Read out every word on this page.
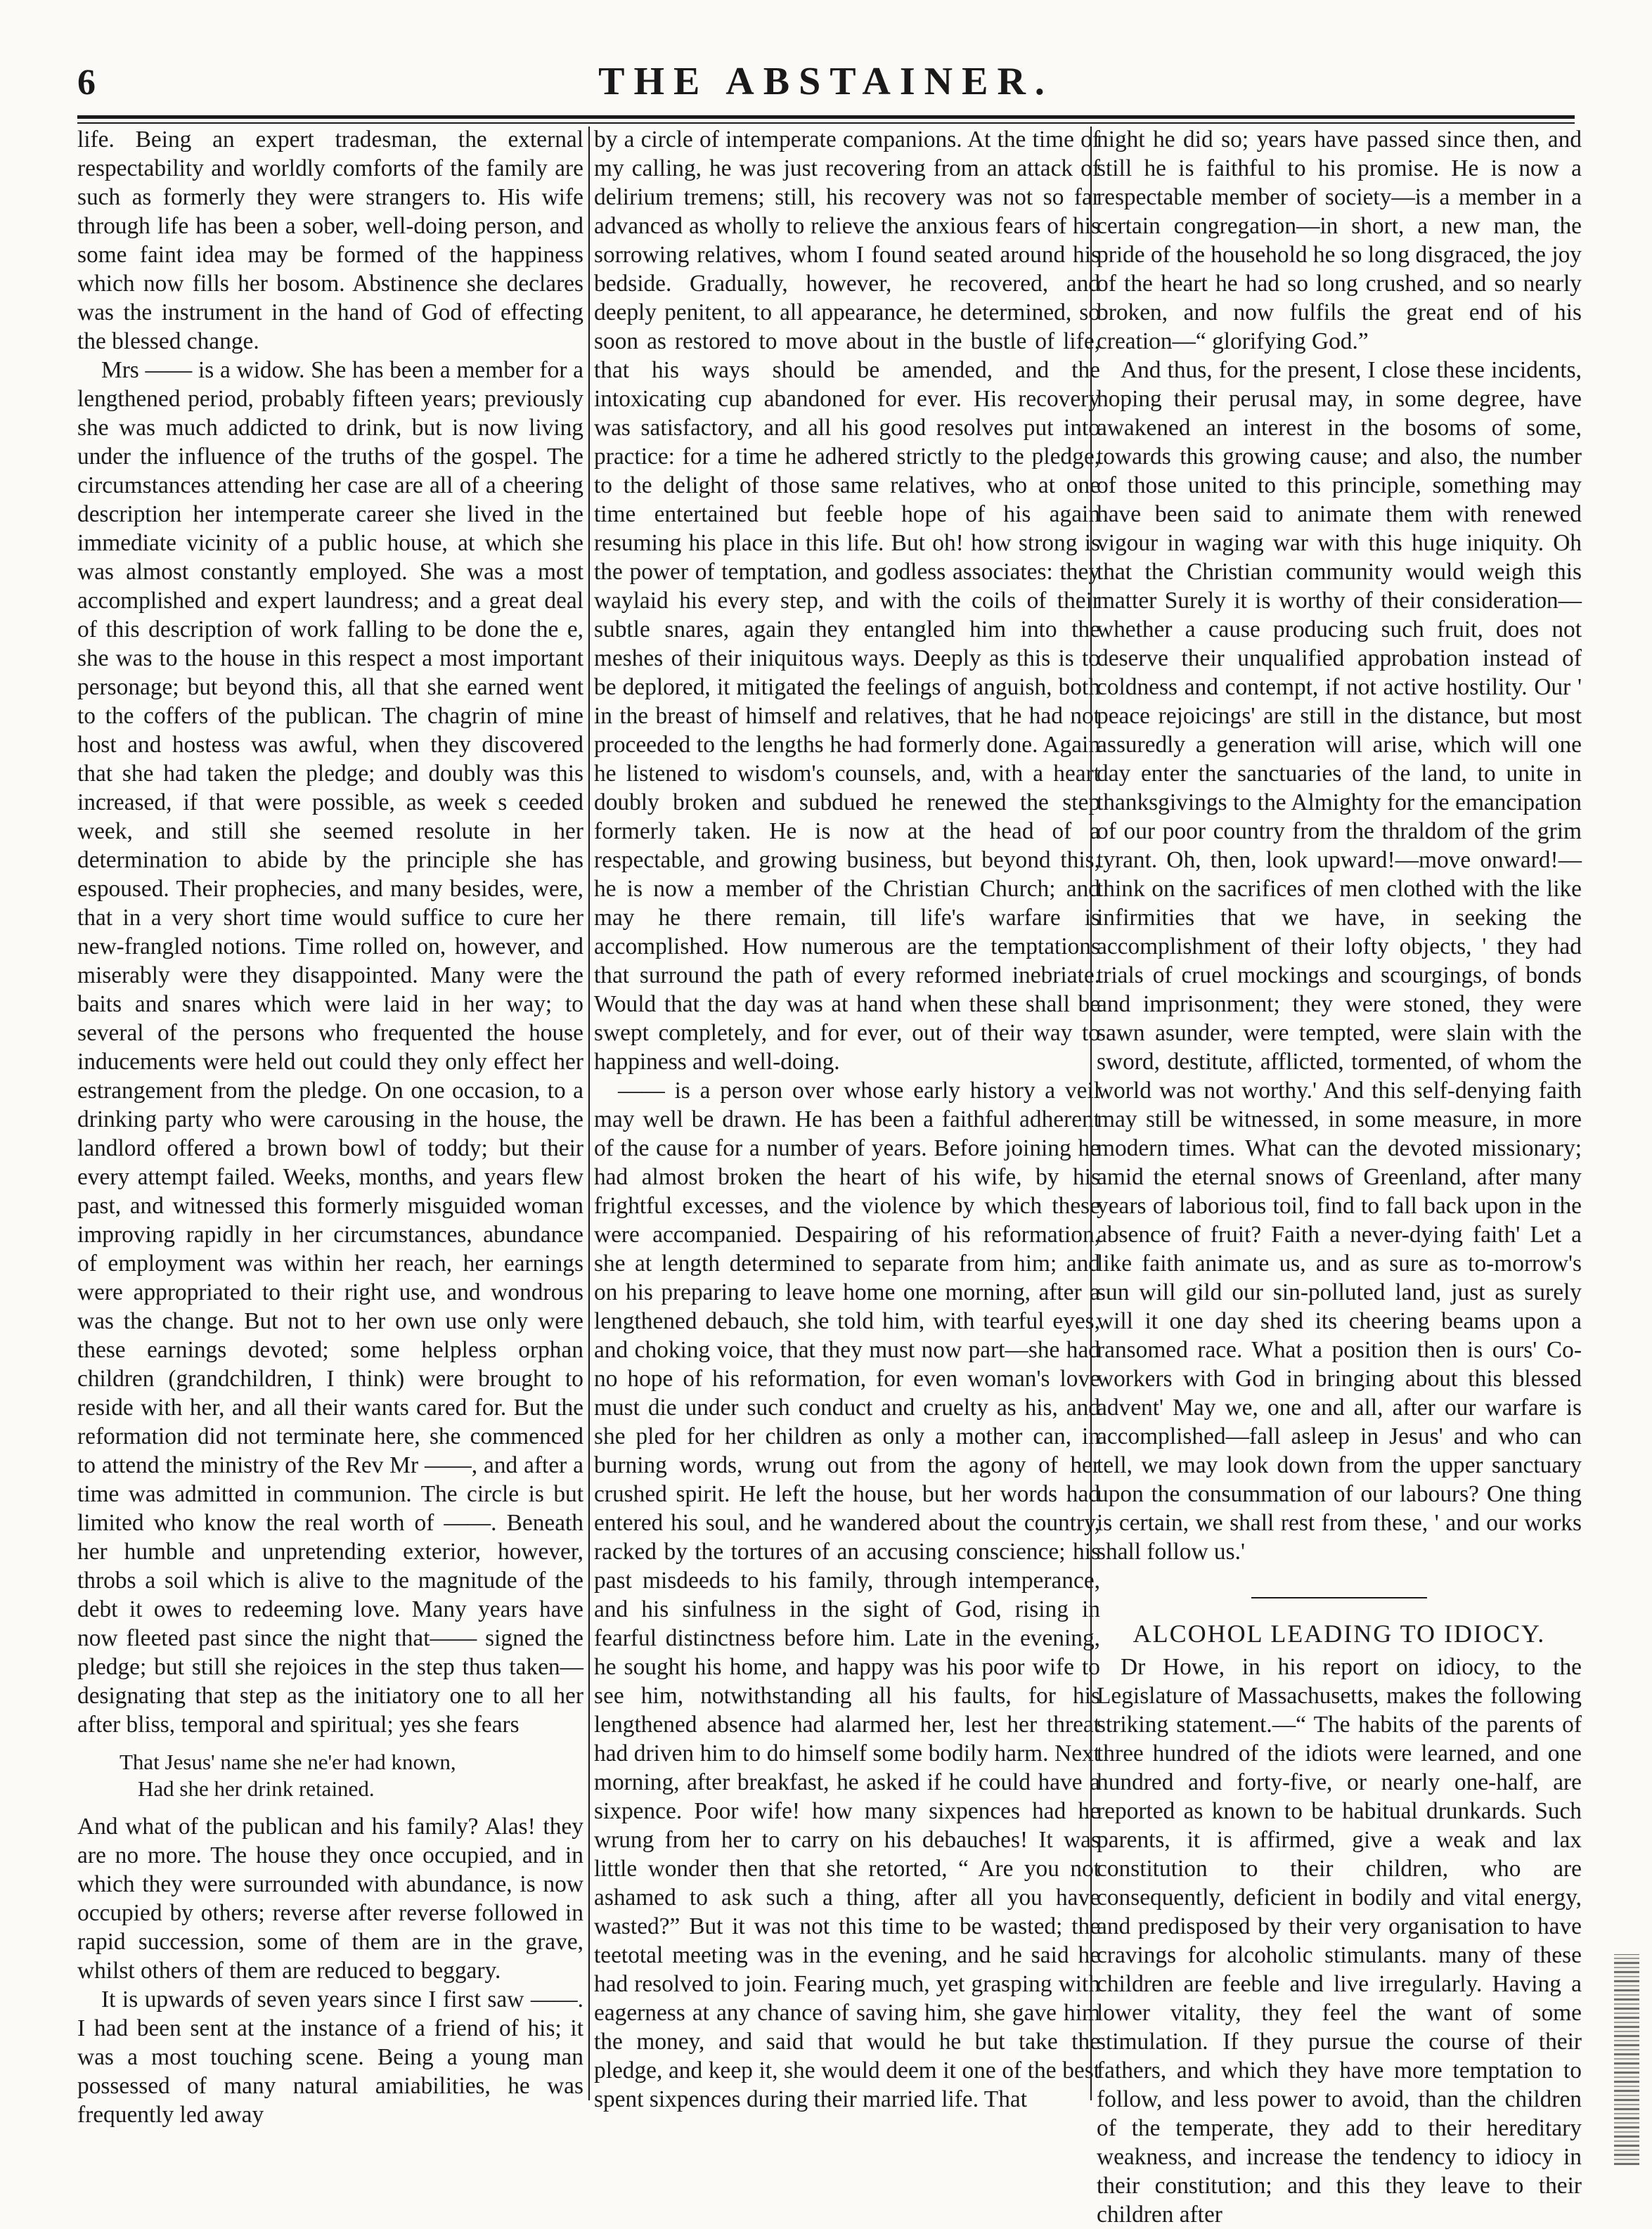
6	THE ABSTAINER.

life. Being an expert tradesman, the external respectability and worldly comforts of the family are such as formerly they were strangers to. His wife through life has been a sober, well-doing person, and some faint idea may be formed of the happiness which now fills her bosom. Abstinence she declares was the instrument in the hand of God of effecting the blessed change.

Mrs —— is a widow. She has been a member for a lengthened period, probably fifteen years; previously she was much addicted to drink, but is now living under the influence of the truths of the gospel. The circumstances attending her case are all of a cheering description her intemperate career she lived in the immediate vicinity of a public house, at which she was almost constantly employed. She was a most accomplished and expert laundress; and a great deal of this description of work falling to be done the e, she was to the house in this respect a most important personage; but beyond this, all that she earned went to the coffers of the publican. The chagrin of mine host and hostess was awful, when they discovered that she had taken the pledge; and doubly was this increased, if that were possible, as week s ceeded week, and still she seemed resolute in her determination to abide by the principle she has espoused. Their prophecies, and many besides, were, that in a very short time would suffice to cure her new-frangled notions. Time rolled on, however, and miserably were they disappointed. Many were the baits and snares which were laid in her way; to several of the persons who frequented the house inducements were held out could they only effect her estrangement from the pledge. On one occasion, to a drinking party who were carousing in the house, the landlord offered a brown bowl of toddy; but their every attempt failed. Weeks, months, and years flew past, and witnessed this formerly misguided woman improving rapidly in her circumstances, abundance of employment was within her reach, her earnings were appropriated to their right use, and wondrous was the change. But not to her own use only were these earnings devoted; some helpless orphan children (grandchildren, I think) were brought to reside with her, and all their wants cared for. But the reformation did not terminate here, she commenced to attend the ministry of the Rev Mr ——, and after a time was admitted in communion. The circle is but limited who know the real worth of ——. Beneath her humble and unpretending exterior, however, throbs a soil which is alive to the magnitude of the debt it owes to redeeming love. Many years have now fleeted past since the night that—— signed the pledge; but still she rejoices in the step thus taken—designating that step as the initiatory one to all her after bliss, temporal and spiritual; yes she fears

That Jesus' name she ne'er had known,
Had she her drink retained.

And what of the publican and his family? Alas! they are no more. The house they once occupied, and in which they were surrounded with abundance, is now occupied by others; reverse after reverse followed in rapid succession, some of them are in the grave, whilst others of them are reduced to beggary.

It is upwards of seven years since I first saw ——. I had been sent at the instance of a friend of his; it was a most touching scene. Being a young man possessed of many natural amiabilities, he was frequently led away

by a circle of intemperate companions. At the time of my calling, he was just recovering from an attack of delirium tremens; still, his recovery was not so far advanced as wholly to relieve the anxious fears of his sorrowing relatives, whom I found seated around his bedside. Gradually, however, he recovered, and deeply penitent, to all appearance, he determined, so soon as restored to move about in the bustle of life, that his ways should be amended, and the intoxicating cup abandoned for ever. His recovery was satisfactory, and all his good resolves put into practice: for a time he adhered strictly to the pledge, to the delight of those same relatives, who at one time entertained but feeble hope of his again resuming his place in this life. But oh! how strong is the power of temptation, and godless associates: they waylaid his every step, and with the coils of their subtle snares, again they entangled him into the meshes of their iniquitous ways. Deeply as this is to be deplored, it mitigated the feelings of anguish, both in the breast of himself and relatives, that he had not proceeded to the lengths he had formerly done. Again he listened to wisdom's counsels, and, with a heart doubly broken and subdued he renewed the step formerly taken. He is now at the head of a respectable, and growing business, but beyond this, he is now a member of the Christian Church; and may he there remain, till life's warfare is accomplished. How numerous are the temptations that surround the path of every reformed inebriate. Would that the day was at hand when these shall be swept completely, and for ever, out of their way to happiness and well-doing.

—— is a person over whose early history a veil may well be drawn. He has been a faithful adherent of the cause for a number of years. Before joining he had almost broken the heart of his wife, by his frightful excesses, and the violence by which these were accompanied. Despairing of his reformation, she at length determined to separate from him; and on his preparing to leave home one morning, after a lengthened debauch, she told him, with tearful eyes, and choking voice, that they must now part—she had no hope of his reformation, for even woman's love must die under such conduct and cruelty as his, and she pled for her children as only a mother can, in burning words, wrung out from the agony of her crushed spirit. He left the house, but her words had entered his soul, and he wandered about the country, racked by the tortures of an accusing conscience; his past misdeeds to his family, through intemperance, and his sinfulness in the sight of God, rising in fearful distinctness before him. Late in the evening, he sought his home, and happy was his poor wife to see him, notwithstanding all his faults, for his lengthened absence had alarmed her, lest her threat had driven him to do himself some bodily harm. Next morning, after breakfast, he asked if he could have a sixpence. Poor wife! how many sixpences had he wrung from her to carry on his debauches! It was little wonder then that she retorted, “ Are you not ashamed to ask such a thing, after all you have wasted?” But it was not this time to be wasted; the teetotal meeting was in the evening, and he said he had resolved to join. Fearing much, yet grasping with eagerness at any chance of saving him, she gave him the money, and said that would he but take the pledge, and keep it, she would deem it one of the best spent sixpences during their married life. That

night he did so; years have passed since then, and still he is faithful to his promise. He is now a respectable member of society—is a member in a certain congregation—in short, a new man, the pride of the household he so long disgraced, the joy of the heart he had so long crushed, and so nearly broken, and now fulfils the great end of his creation—“ glorifying God.”

And thus, for the present, I close these incidents, hoping their perusal may, in some degree, have awakened an interest in the bosoms of some, towards this growing cause; and also, the number of those united to this principle, something may have been said to animate them with renewed vigour in waging war with this huge iniquity. Oh that the Christian community would weigh this matter Surely it is worthy of their consideration—whether a cause producing such fruit, does not deserve their unqualified approbation instead of coldness and contempt, if not active hostility. Our ' peace rejoicings' are still in the distance, but most assuredly a generation will arise, which will one day enter the sanctuaries of the land, to unite in thanksgivings to the Almighty for the emancipation of our poor country from the thraldom of the grim tyrant. Oh, then, look upward!—move onward!—think on the sacrifices of men clothed with the like infirmities that we have, in seeking the accomplishment of their lofty objects, ' they had trials of cruel mockings and scourgings, of bonds and imprisonment; they were stoned, they were sawn asunder, were tempted, were slain with the sword, destitute, afflicted, tormented, of whom the world was not worthy.' And this self-denying faith may still be witnessed, in some measure, in more modern times. What can the devoted missionary; amid the eternal snows of Greenland, after many years of laborious toil, find to fall back upon in the absence of fruit? Faith a never-dying faith' Let a like faith animate us, and as sure as to-morrow's sun will gild our sin-polluted land, just as surely will it one day shed its cheering beams upon a ransomed race. What a position then is ours' Co-workers with God in bringing about this blessed advent' May we, one and all, after our warfare is accomplished—fall asleep in Jesus' and who can tell, we may look down from the upper sanctuary upon the consummation of our labours? One thing is certain, we shall rest from these, ' and our works shall follow us.'

ALCOHOL LEADING TO IDIOCY.

Dr Howe, in his report on idiocy, to the Legislature of Massachusetts, makes the following striking statement.—“ The habits of the parents of three hundred of the idiots were learned, and one hundred and forty-five, or nearly one-half, are reported as known to be habitual drunkards. Such parents, it is affirmed, give a weak and lax constitution to their children, who are consequently, deficient in bodily and vital energy, and predisposed by their very organisation to have cravings for alcoholic stimulants. many of these children are feeble and live irregularly. Having a lower vitality, they feel the want of some stimulation. If they pursue the course of their fathers, and which they have more temptation to follow, and less power to avoid, than the children of the temperate, they add to their hereditary weakness, and increase the tendency to idiocy in their constitution; and this they leave to their children after
